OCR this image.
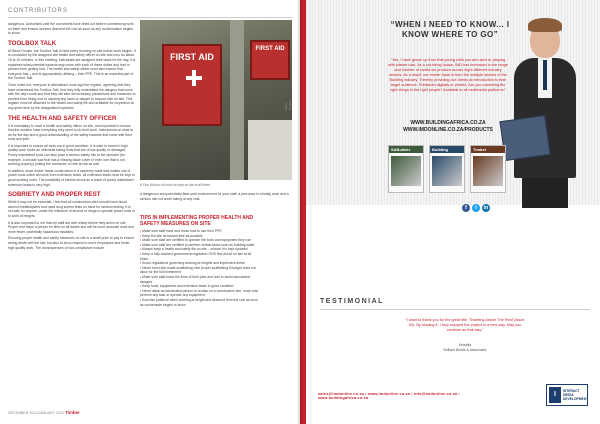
CONTRIBUTORS

dangerous. Authorised until the roof sheets have dried out before commencing work on them and ensure workers descend the roof as soon as any condensation begins to show.

TOOLBOX TALK

At Basic Homes, the Toolbox Talk is held every morning on site before work begins. It is conducted by the assigned site health and safety officer on site and runs for about 15 to 20 minutes. In this meeting, individuals are assigned their tasks for the day, it is explained what potential hazards may come with each of these duties and how to prevent from getting hurt. The health and safety officer must also ensure that everyone has – and is appropriately utilising – their PPE. This is an essential part of the Toolbox Talk.

Once rolled out, everyone in attendance must sign the register, agreeing that they have understood the Toolbox Talk, that they fully understand the dangers that come with the day’s work and that they will take all necessary precautions and measures to prevent from being hurt or causing any harm or danger to anyone else on site. This register must be attached to the health and safety file and available for inspection at any given time by the designated inspectors.

THE HEALTH AND SAFETY OFFICER

It is mandatory to have a health and safety officer on site, and important to ensure that the workers have everything they need to do their work. Instruments on what to do for the day and a good understanding of the safety hazards that come with their tools and jobs.

It is important to ensure all tools are in good condition. It is wise to invest in high quality work hours an individual taking tools that are of low quality or damaged. Poorly maintained tools can also pose a serious safety risk to the operator (for example, a circular saw that has a missing blade cover or even one that is not working properly) putting the contractor on site at risk as well.

In addition, since timber frame construction is a carpentry trade that makes use of power tools which will work from extension leads, all extension leads must be kept in good working order. The possibility of electric shock as a result of poorly maintained extension leads is very high.

SOBRIETY AND PROPER REST

While it may not be essential, I feel that all construction sites should have blood alcohol breathalysers and rapid drug screen tests on hand for random testing. It is not safe for anyone, under the influence of alcohol or drugs to operate power tools or to work at heights.

It is also important to me that my staff are well rested before they arrive on site. Proper rest helps a person be alert on all trades and will be more accurate work and more fewer, potentially hazardous mistakes.

Ensuring proper health and safety measures on site is a small price to pay to ensure strong stride with the law, but also to show respect to one’s employees and foster high quality work. The consequences of non-compliance include

FIRST AID
FIRST AID
Basic Homes
A First Aid box kit must be kept on site at all times.
a dangerous and potentially fatal work environment for your staff, a precursor to shoddy work and a serious risk not worth taking at any cost.
TIPS IN IMPLEMENTING PROPER HEALTH AND SAFETY MEASURES ON SITE
• Make sure staff have and know how to use their PPE
• Keep the site as hazard-free as possible
• Make sure staff are certified to operate the tools and equipment they use
• Make sure staff are certified to perform certain tasks such as building walls
• Always keep a health and safety file on site – ensure it is kept updated
• Keep a fully-stocked government-regulation OHS first aid kit on site at all times
• Know regulations governing working at heights and implement these
• Never erect site-made scaffolding; hire proper scaffolding if budget does not allow for the full investment
• Make sure staff know the lines of their jobs and how to avoid associated dangers
• Keep tools, equipment and extension leads in good condition
• Never allow an intoxicated person to remain on a construction site, much less perform any task or operate any equipment
• Exercise patience when working at height and descend from the roof as soon as condensate begins to show
DECEMBER 2021/JANUARY 2022 Timber
“WHEN I NEED TO KNOW... I KNOW WHERE TO GO”
“Yes, I have grown up from that young child you are used to, playing with plaster cast. As a cut-string house, IMD has increased in the range and number of media we produce across eight different industry sectors. As a result, our reader base is from the multiple sectors of the Building industry. Thereby providing our clients an introduction to their target audience. Published digitally or printed. Are you marketing the right things to the right people? Available in all multimedia platforms.”
WWW.BUILDINGAFRICA.CO.ZA
WWW.IMDONLINE.CO.ZA/PRODUCTS
SABuilder	Building	Timber
f t in
TESTIMONIAL
“I want to thank you for the great title ‘Traveling Above The Real’ (issue 53). By reading it, I truly enjoyed the project in a new way. May you continue as that way.”
Kelebila
Brilliant Builds & Associates
sales@imdonline.co.za • www.imdonline.co.za • info@imdonline.co.za • www.buildingafrica.co.za	I	INTERACT
MEDIA
DEVELOPMENT
